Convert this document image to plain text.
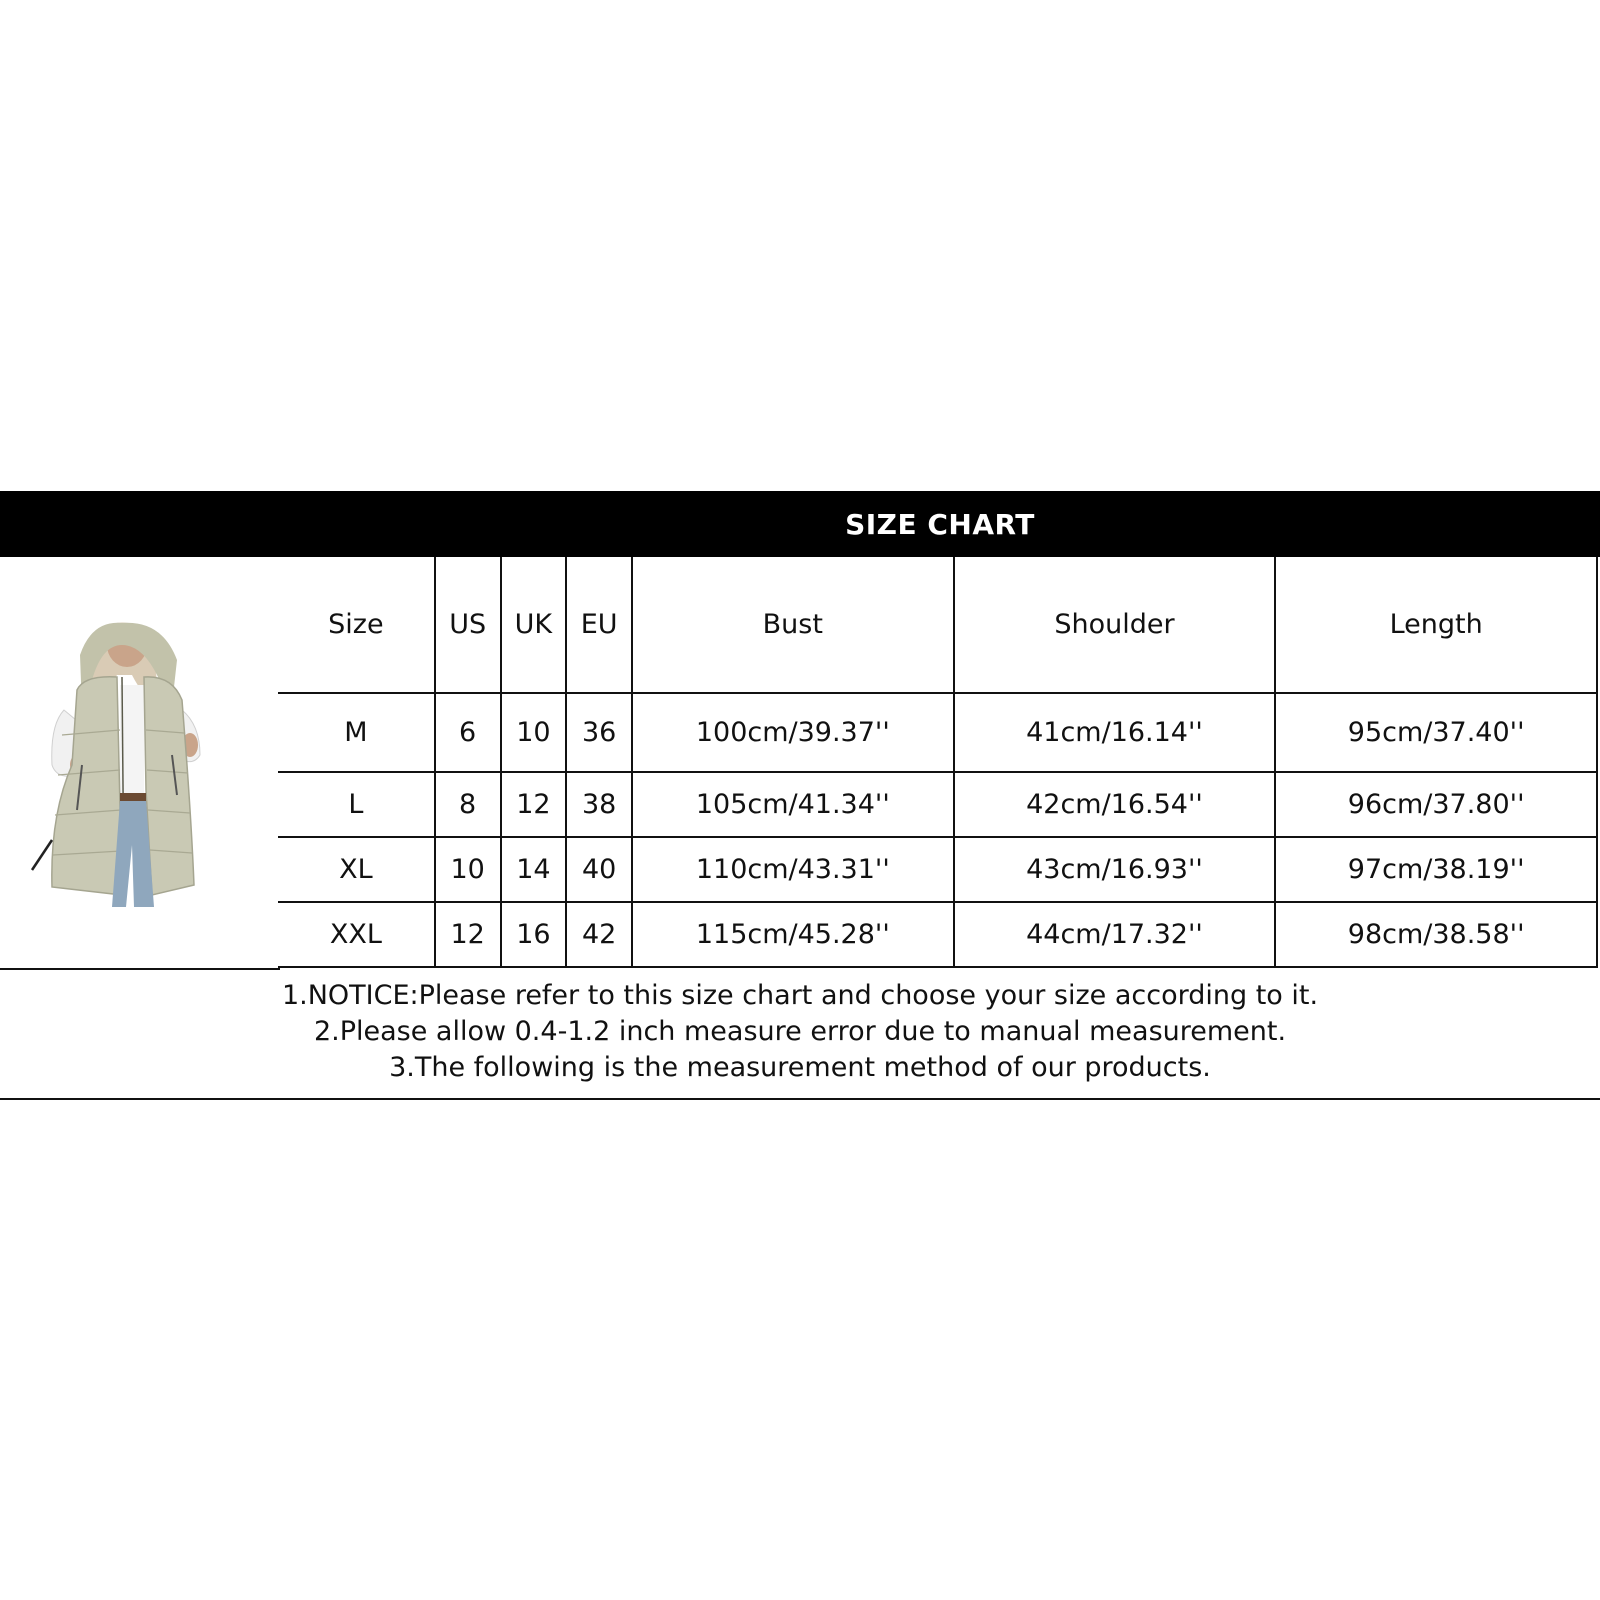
SIZE CHART
Size	US	UK	EU	Bust	Shoulder	Length
M	6	10	36	100cm/39.37''	41cm/16.14''	95cm/37.40''
L	8	12	38	105cm/41.34''	42cm/16.54''	96cm/37.80''
XL	10	14	40	110cm/43.31''	43cm/16.93''	97cm/38.19''
XXL	12	16	42	115cm/45.28''	44cm/17.32''	98cm/38.58''
1.NOTICE:Please refer to this size chart and choose your size according to it.
2.Please allow 0.4-1.2 inch measure error due to manual measurement.
3.The following is the measurement method of our products.
